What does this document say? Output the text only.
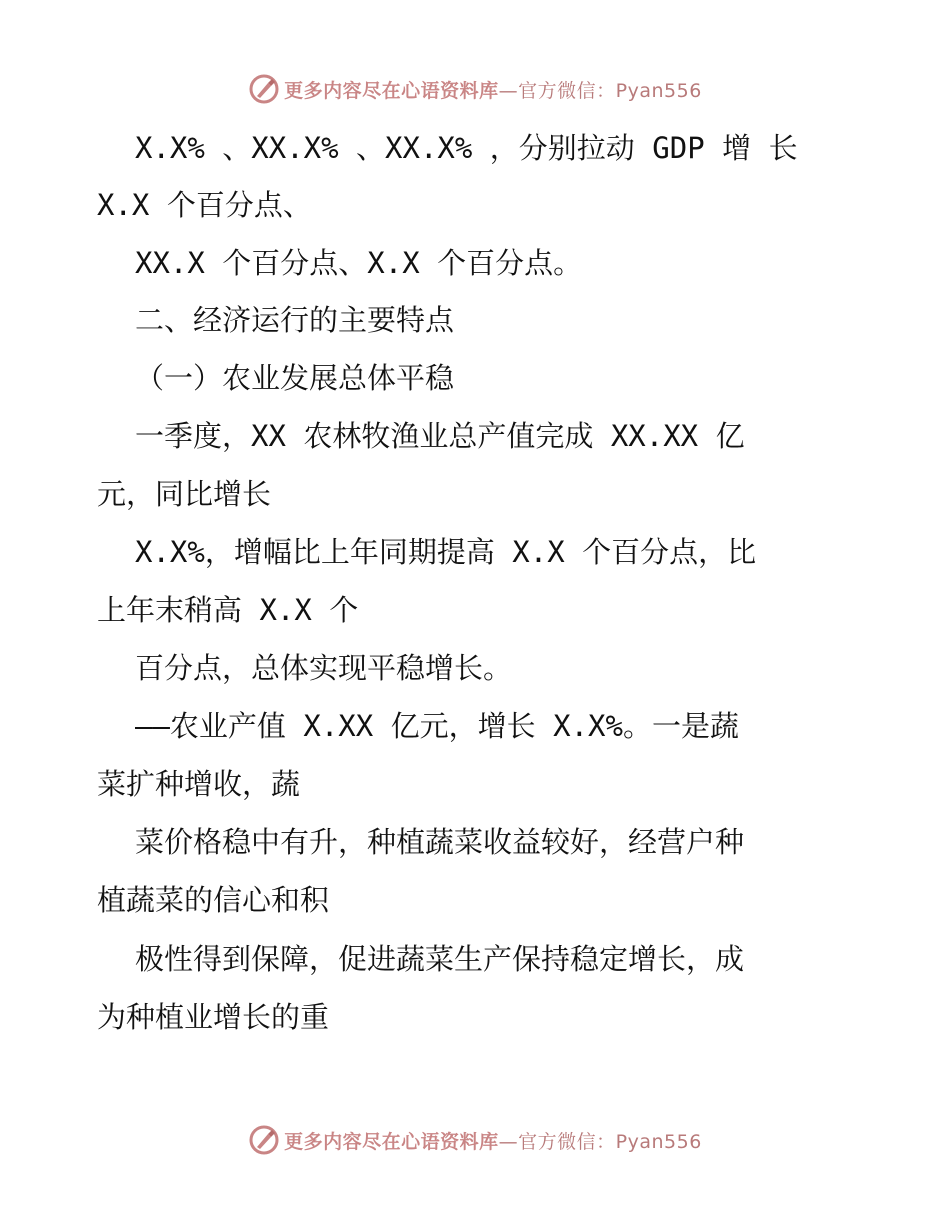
更多内容尽在心语资料库—官方微信：Pyan556
X.X% 、XX.X% 、XX.X% ，分别拉动 GDP 增 长
X.X 个百分点、
XX.X 个百分点、X.X 个百分点。
二、经济运行的主要特点
（一）农业发展总体平稳
一季度，XX 农林牧渔业总产值完成 XX.XX 亿
元，同比增长
X.X%，增幅比上年同期提高 X.X 个百分点，比
上年末稍高 X.X 个
百分点，总体实现平稳增长。
——农业产值 X.XX 亿元，增长 X.X%。一是蔬
菜扩种增收，蔬
菜价格稳中有升，种植蔬菜收益较好，经营户种
植蔬菜的信心和积
极性得到保障，促进蔬菜生产保持稳定增长，成
为种植业增长的重
更多内容尽在心语资料库—官方微信：Pyan556
